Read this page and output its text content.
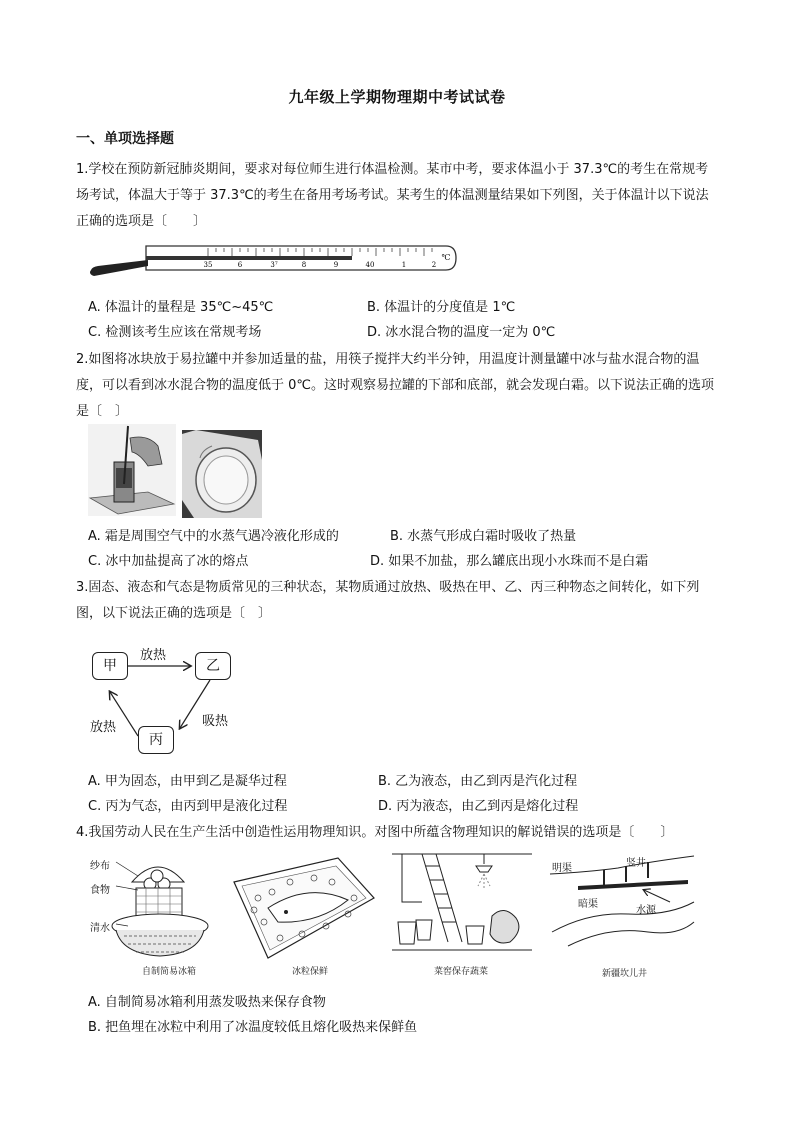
九年级上学期物理期中考试试卷
一、单项选择题
1.学校在预防新冠肺炎期间，要求对每位师生进行体温检测。某市中考，要求体温小于 37.3℃的考生在常规考场考试，体温大于等于 37.3℃的考生在备用考场考试。某考生的体温测量结果如下列图，关于体温计以下说法正确的选项是〔　　〕
35	6	3⁷	8	9	40	1	2
℃
A. 体温计的量程是 35℃~45℃	B. 体温计的分度值是 1℃
C. 检测该考生应该在常规考场	D. 冰水混合物的温度一定为 0℃
2.如图将冰块放于易拉罐中并参加适量的盐，用筷子搅拌大约半分钟，用温度计测量罐中冰与盐水混合物的温度，可以看到冰水混合物的温度低于 0℃。这时观察易拉罐的下部和底部，就会发现白霜。以下说法正确的选项是〔　〕
A. 霜是周围空气中的水蒸气遇冷液化形成的	B. 水蒸气形成白霜时吸收了热量
C. 冰中加盐提高了冰的熔点	D. 如果不加盐，那么罐底出现小水珠而不是白霜
3.固态、液态和气态是物质常见的三种状态，某物质通过放热、吸热在甲、乙、丙三种物态之间转化，如下列图，以下说法正确的选项是〔　〕
甲	乙
丙
放热
吸热
放热
A. 甲为固态，由甲到乙是凝华过程	B. 乙为液态，由乙到丙是汽化过程
C. 丙为气态，由丙到甲是液化过程	D. 丙为液态，由乙到丙是熔化过程
4.我国劳动人民在生产生活中创造性运用物理知识。对图中所蕴含物理知识的解说错误的选项是〔　　〕
纱布
食物
清水
自制简易冰箱	冰粒保鲜	菜窖保存蔬菜
明渠	竖井
暗渠
水源
新疆坎儿井
A. 自制简易冰箱利用蒸发吸热来保存食物
B. 把鱼埋在冰粒中利用了冰温度较低且熔化吸热来保鲜鱼
